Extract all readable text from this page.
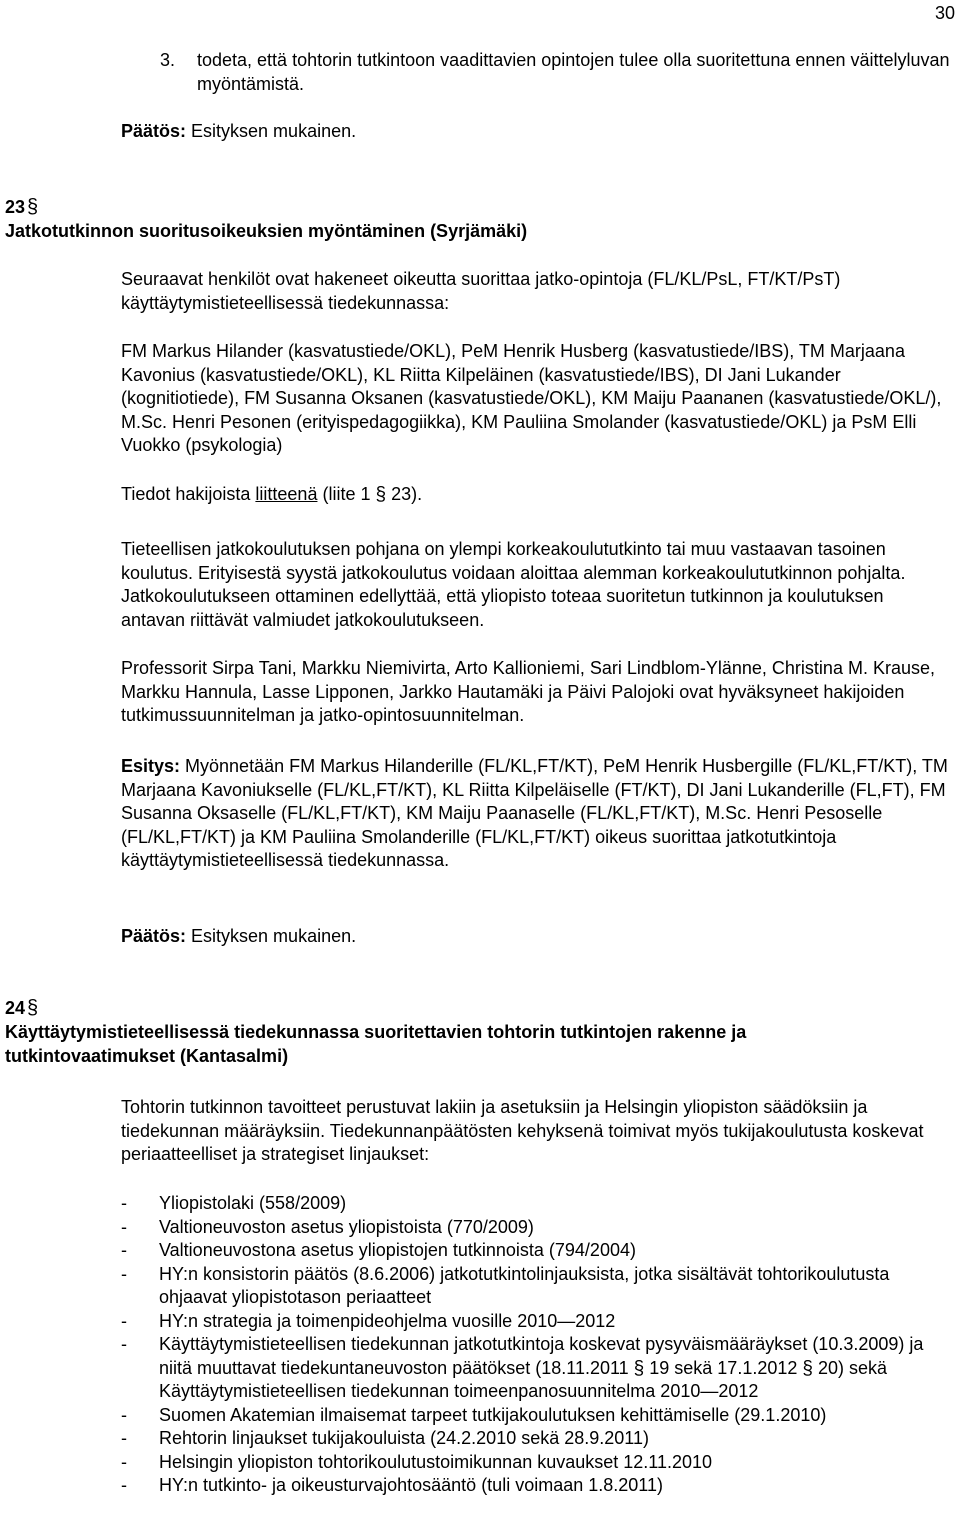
30
3. todeta, että tohtorin tutkintoon vaadittavien opintojen tulee olla suoritettuna ennen väittelyluvan myöntämistä.
Päätös: Esityksen mukainen.
23 §
Jatkotutkinnon suoritusoikeuksien myöntäminen (Syrjämäki)
Seuraavat henkilöt ovat hakeneet oikeutta suorittaa jatko-opintoja (FL/KL/PsL, FT/KT/PsT) käyttäytymistieteellisessä tiedekunnassa:
FM Markus Hilander (kasvatustiede/OKL), PeM Henrik Husberg (kasvatustiede/IBS), TM Marjaana Kavonius (kasvatustiede/OKL), KL Riitta Kilpeläinen (kasvatustiede/IBS), DI Jani Lukander (kognitiotiede), FM Susanna Oksanen (kasvatustiede/OKL), KM Maiju Paananen (kasvatustiede/OKL/), M.Sc. Henri Pesonen (erityispedagogiikka), KM Pauliina Smolander (kasvatustiede/OKL) ja PsM Elli Vuokko (psykologia)
Tiedot hakijoista liitteenä (liite 1 § 23).
Tieteellisen jatkokoulutuksen pohjana on ylempi korkeakoulututkinto tai muu vastaavan tasoinen koulutus. Erityisestä syystä jatkokoulutus voidaan aloittaa alemman korkeakoulututkinnon pohjalta. Jatkokoulutukseen ottaminen edellyttää, että yliopisto toteaa suoritetun tutkinnon ja koulutuksen antavan riittävät valmiudet jatkokoulutukseen.
Professorit Sirpa Tani, Markku Niemivirta, Arto Kallioniemi, Sari Lindblom-Ylänne, Christina M. Krause, Markku Hannula, Lasse Lipponen, Jarkko Hautamäki ja Päivi Palojoki ovat hyväksyneet hakijoiden tutkimussuunnitelman ja jatko-opintosuunnitelman.
Esitys: Myönnetään FM Markus Hilanderille (FL/KL,FT/KT), PeM Henrik Husbergille (FL/KL,FT/KT), TM Marjaana Kavoniukselle (FL/KL,FT/KT), KL Riitta Kilpeläiselle (FT/KT), DI Jani Lukanderille (FL,FT), FM Susanna Oksaselle (FL/KL,FT/KT), KM Maiju Paanaselle (FL/KL,FT/KT), M.Sc. Henri Pesoselle (FL/KL,FT/KT) ja KM Pauliina Smolanderille (FL/KL,FT/KT) oikeus suorittaa jatkotutkintoja käyttäytymistieteellisessä tiedekunnassa.
Päätös: Esityksen mukainen.
24 §
Käyttäytymistieteellisessä tiedekunnassa suoritettavien tohtorin tutkintojen rakenne ja tutkintovaatimukset (Kantasalmi)
Tohtorin tutkinnon tavoitteet perustuvat lakiin ja asetuksiin ja Helsingin yliopiston säädöksiin ja tiedekunnan määräyksiin. Tiedekunnanpäätösten kehyksenä toimivat myös tukijakoulutusta koskevat periaatteelliset ja strategiset linjaukset:
- Yliopistolaki (558/2009)
- Valtioneuvoston asetus yliopistoista (770/2009)
- Valtioneuvostona asetus yliopistojen tutkinnoista (794/2004)
- HY:n konsistorin päätös (8.6.2006) jatkotutkintolinjauksista, jotka sisältävät tohtorikoulutusta ohjaavat yliopistotason periaatteet
- HY:n strategia ja toimenpideohjelma vuosille 2010—2012
- Käyttäytymistieteellisen tiedekunnan jatkotutkintoja koskevat pysyväismääräykset (10.3.2009) ja niitä muuttavat tiedekuntaneuvoston päätökset (18.11.2011 § 19 sekä 17.1.2012 § 20) sekä Käyttäytymistieteellisen tiedekunnan toimeenpanosuunnitelma 2010—2012
- Suomen Akatemian ilmaisemat tarpeet tutkijakoulutuksen kehittämiselle (29.1.2010)
- Rehtorin linjaukset tukijakouluista (24.2.2010 sekä 28.9.2011)
- Helsingin yliopiston tohtorikoulutustoimikunnan kuvaukset 12.11.2010
- HY:n tutkinto- ja oikeusturvajohtosääntö (tuli voimaan 1.8.2011)
